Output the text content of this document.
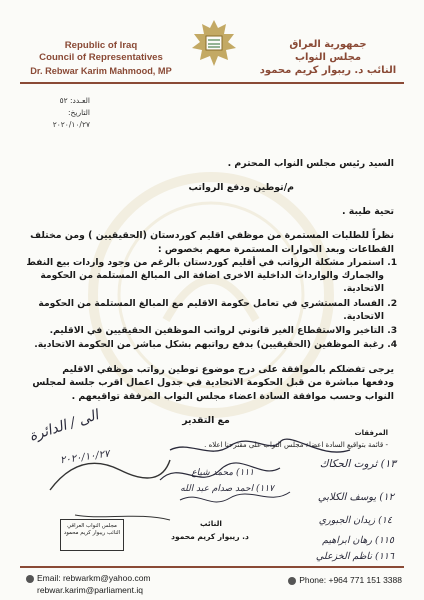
Republic of Iraq
Council of Representatives
Dr. Rebwar Karim Mahmood, MP
جمهورية العراق
مجلس النواب
النائب د. ريبوار كريم محمود
العـدد: ٥٢
التاريخ: ٢٠٢٠/١٠/٢٧
السيد رئيس مجلس النواب المحترم .
م/توطين ودفع الرواتب
تحية طيبة .
نظراً للطلبات المستمرة من موظفي اقليم كوردستان (الحقيقيين ) ومن مختلف القطاعات وبعد الحوارات المستمرة معهم بخصوص :
1. استمرار مشكلة الرواتب في أقليم كوردستان بالرغم من وجود واردات بيع النفط والجمارك والواردات الداخلية الاخرى اضافة الى المبالغ المستلمة من الحكومة الاتحادية.
2. الفساد المستشري في تعامل حكومة الاقليم مع المبالغ المستلمة من الحكومة الاتحادية.
3. التاخير والاستقطاع الغير قانوني لرواتب الموظفين الحقيقيين في الاقليم.
4. رغبة الموظفين (الحقيقيين) بدفع رواتبهم بشكل مباشر من الحكومة الاتحادية.
يرجى تفضلكم بالموافقة على درج موضوع توطين رواتب موظفي الاقليم ودفعها مباشرة من قبل الحكومة الاتحادية في جدول اعمال اقرب جلسة لمجلس النواب وحسب موافقة السادة اعضاء مجلس النواب المرفقة تواقيعهم .
مع التقدير
المرفقات
- قائمة بتواقيع السادة اعضاء مجلس النواب على مقترحنا اعلاه .
الى / الدائرة
٢٠٢٠/١٠/٢٧	١٣) ثروت الحكاك
١١١) محمد شياع
١١٧) احمد صدام عبد الله
١٢) يوسف الكلابي
١٤) زيدان الجبوري
١١٥) رهان ابراهيم
١١٦) ناظم الخزعلي
مجلس النواب العراقي
النائب ريبوار كريم محمود
النائب
د. ريبوار كريم محمود
Email: rebwarkm@yahoo.com
rebwar.karim@parliament.iq
Phone: +964 771 151 3388
